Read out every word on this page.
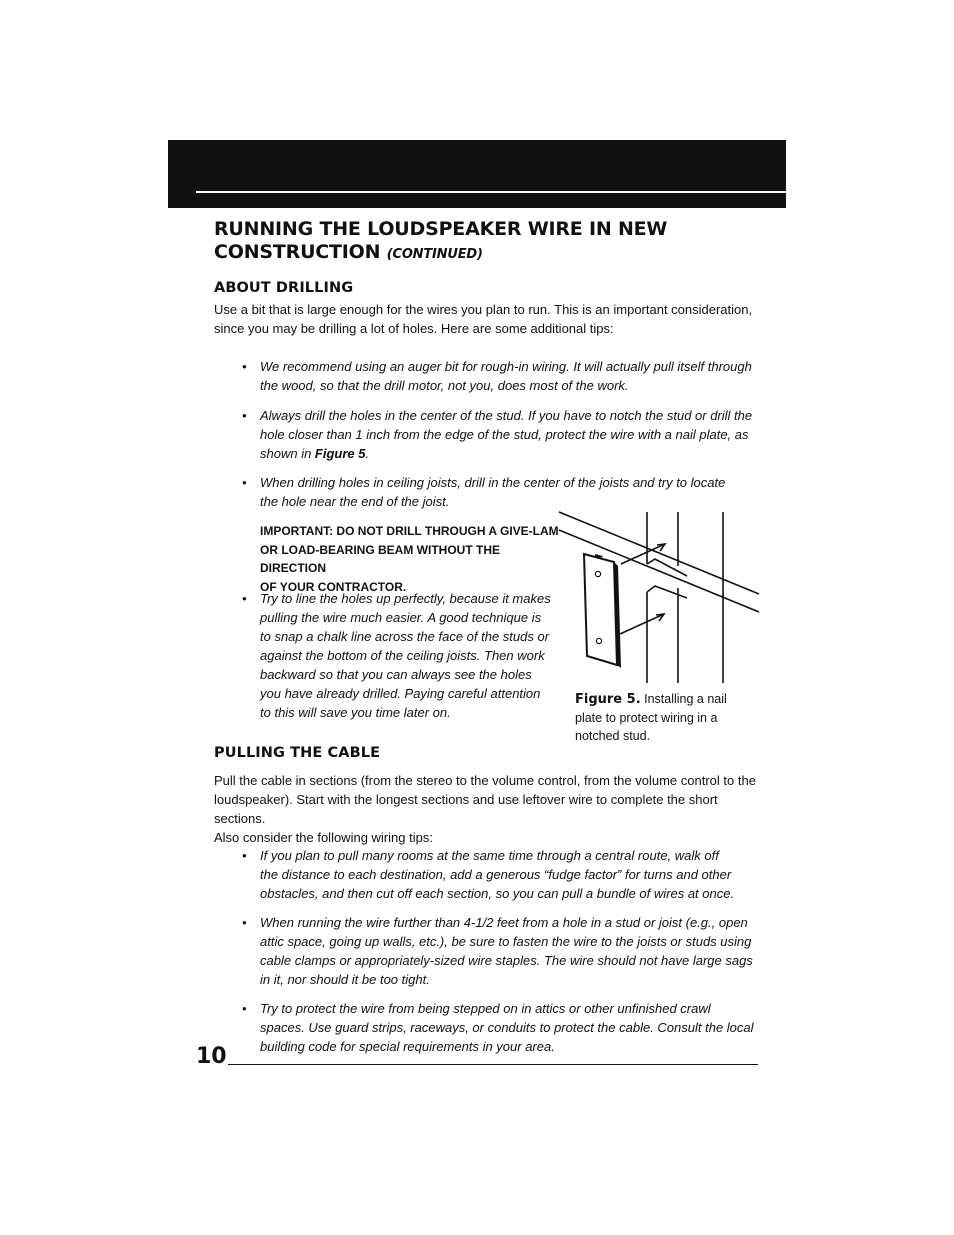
RUNNING THE LOUDSPEAKER WIRE IN NEW CONSTRUCTION (CONTINUED)
ABOUT DRILLING
Use a bit that is large enough for the wires you plan to run. This is an important consideration,
since you may be drilling a lot of holes. Here are some additional tips:
• We recommend using an auger bit for rough-in wiring. It will actually pull itself through
the wood, so that the drill motor, not you, does most of the work.
• Always drill the holes in the center of the stud. If you have to notch the stud or drill the
hole closer than 1 inch from the edge of the stud, protect the wire with a nail plate, as
shown in Figure 5.
• When drilling holes in ceiling joists, drill in the center of the joists and try to locate
the hole near the end of the joist.
IMPORTANT: DO NOT DRILL THROUGH A GIVE-LAM
OR LOAD-BEARING BEAM WITHOUT THE DIRECTION
OF YOUR CONTRACTOR.
• Try to line the holes up perfectly, because it makes
pulling the wire much easier. A good technique is
to snap a chalk line across the face of the studs or
against the bottom of the ceiling joists. Then work
backward so that you can always see the holes
you have already drilled. Paying careful attention
to this will save you time later on.
Figure 5. Installing a nail
plate to protect wiring in a
notched stud.
PULLING THE CABLE
Pull the cable in sections (from the stereo to the volume control, from the volume control to the
loudspeaker). Start with the longest sections and use leftover wire to complete the short sections.
Also consider the following wiring tips:
• If you plan to pull many rooms at the same time through a central route, walk off
the distance to each destination, add a generous “fudge factor” for turns and other
obstacles, and then cut off each section, so you can pull a bundle of wires at once.
• When running the wire further than 4-1/2 feet from a hole in a stud or joist (e.g., open
attic space, going up walls, etc.), be sure to fasten the wire to the joists or studs using
cable clamps or appropriately-sized wire staples. The wire should not have large sags
in it, nor should it be too tight.
• Try to protect the wire from being stepped on in attics or other unfinished crawl
spaces. Use guard strips, raceways, or conduits to protect the cable. Consult the local
building code for special requirements in your area.
10
